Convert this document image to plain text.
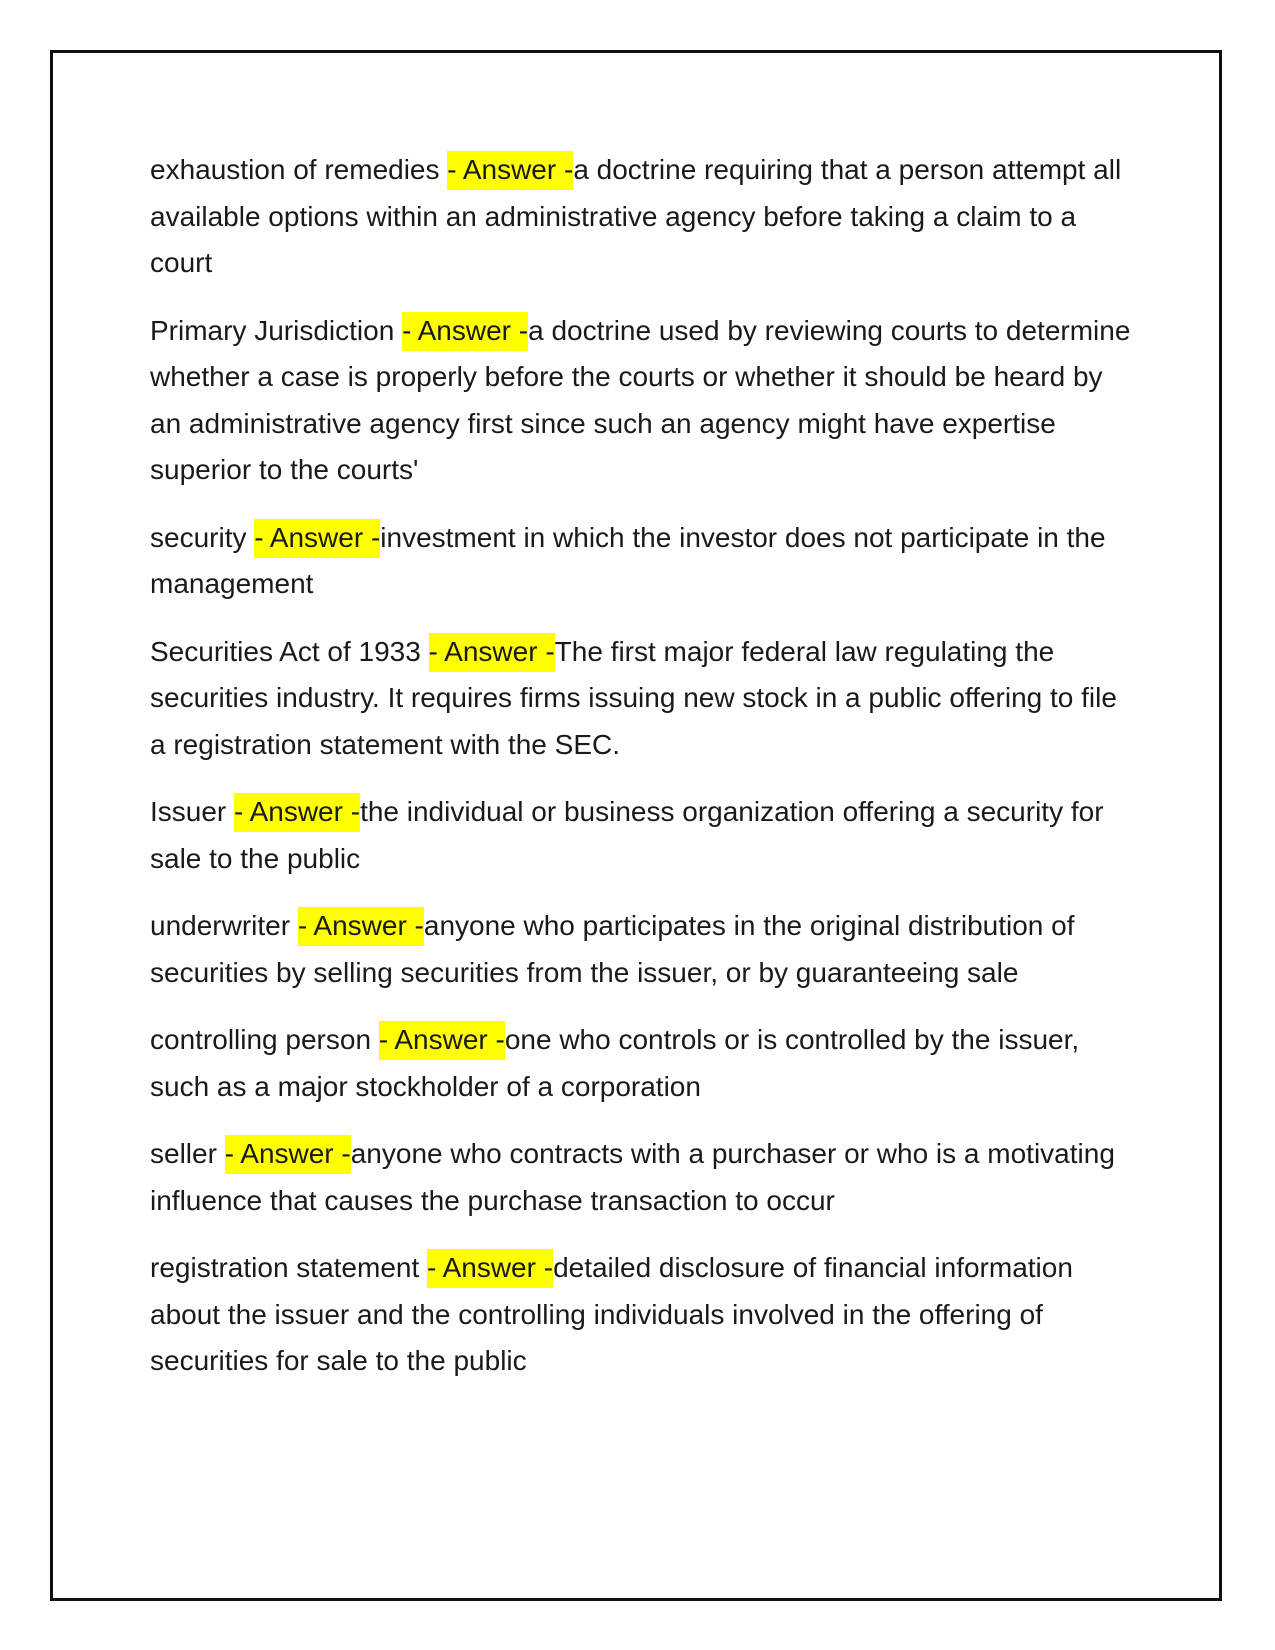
exhaustion of remedies - Answer -a doctrine requiring that a person attempt all available options within an administrative agency before taking a claim to a court
Primary Jurisdiction - Answer -a doctrine used by reviewing courts to determine whether a case is properly before the courts or whether it should be heard by an administrative agency first since such an agency might have expertise superior to the courts'
security - Answer -investment in which the investor does not participate in the management
Securities Act of 1933 - Answer -The first major federal law regulating the securities industry. It requires firms issuing new stock in a public offering to file a registration statement with the SEC.
Issuer - Answer -the individual or business organization offering a security for sale to the public
underwriter - Answer -anyone who participates in the original distribution of securities by selling securities from the issuer, or by guaranteeing sale
controlling person - Answer -one who controls or is controlled by the issuer, such as a major stockholder of a corporation
seller - Answer -anyone who contracts with a purchaser or who is a motivating influence that causes the purchase transaction to occur
registration statement - Answer -detailed disclosure of financial information about the issuer and the controlling individuals involved in the offering of securities for sale to the public
